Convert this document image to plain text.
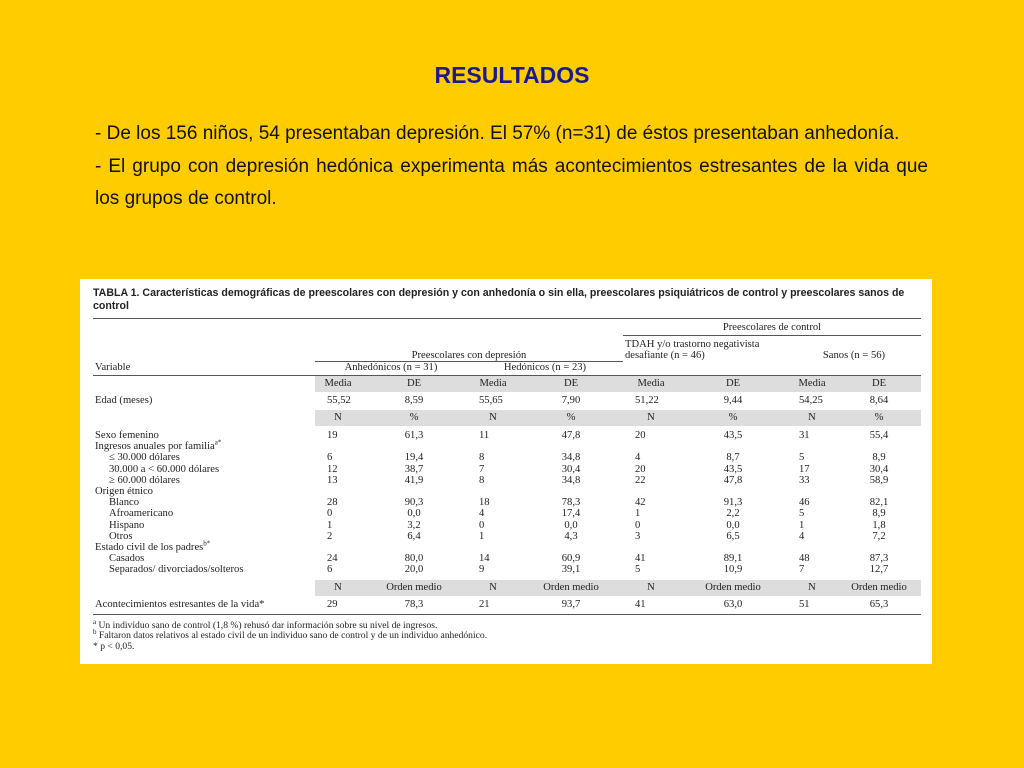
RESULTADOS

- De los 156 niños, 54 presentaban depresión. El 57% (n=31) de éstos presentaban anhedonía.

- El grupo con depresión hedónica experimenta más acontecimientos estresantes de la vida que los grupos de control.

TABLA 1. Características demográficas de preescolares con depresión y con anhedonía o sin ella, preescolares psiquiátricos de control y preescolares sanos de control
					Preescolares de control			
	Preescolares con depresión				TDAH y/o trastorno negativista desafiante (n = 46)		Sanos (n = 56)	
Variable	Anhedónicos (n = 31)		Hedónicos (n = 23)					
	Media	DE	Media	DE	Media	DE	Media	DE
Edad (meses)	55,52	8,59	55,65	7,90	51,22	9,44	54,25	8,64
	N	%	N	%	N	%	N	%

Sexo femenino	19	61,3	11	47,8	20	43,5	31	55,4
Ingresos anuales por familia$^{a*}$								
≤ 30.000 dólares	6	19,4	8	34,8	4	8,7	5	8,9
30.000 a < 60.000 dólares	12	38,7	7	30,4	20	43,5	17	30,4
≥ 60.000 dólares	13	41,9	8	34,8	22	47,8	33	58,9
Origen étnico								
Blanco	28	90,3	18	78,3	42	91,3	46	82,1
Afroamericano	0	0,0	4	17,4	1	2,2	5	8,9
Hispano	1	3,2	0	0,0	0	0,0	1	1,8
Otros	2	6,4	1	4,3	3	6,5	4	7,2
Estado civil de los padres$^{b*}$								
Casados	24	80,0	14	60,9	41	89,1	48	87,3
Separados/ divorciados/solteros	6	20,0	9	39,1	5	10,9	7	12,7

	N	Orden medio	N	Orden medio	N	Orden medio	N	Orden medio
Acontecimientos estresantes de la vida*	29	78,3	21	93,7	41	63,0	51	65,3
$^a$ Un individuo sano de control (1,8 %) rehusó dar información sobre su nivel de ingresos.
$^b$ Faltaron datos relativos al estado civil de un individuo sano de control y de un individuo anhedónico.
* p < 0,05.
